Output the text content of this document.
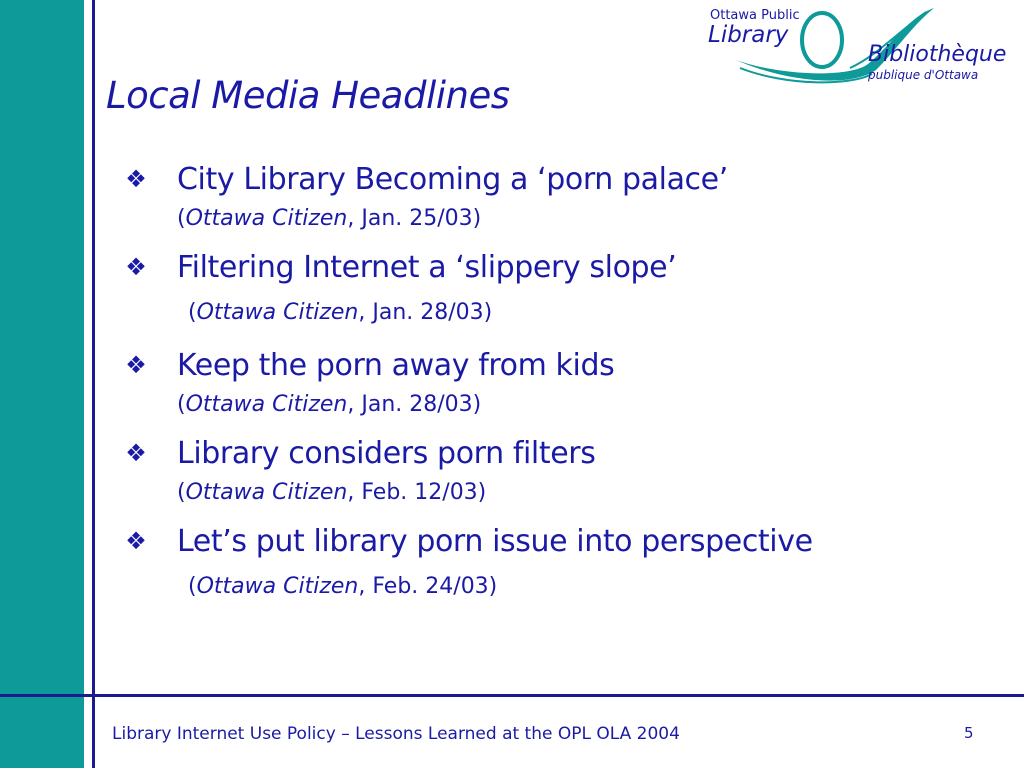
Ottawa Public
Library
Bibliothèque
publique d'Ottawa
Local Media Headlines
❖ City Library Becoming a ‘porn palace’
(Ottawa Citizen, Jan. 25/03)
❖ Filtering Internet a ‘slippery slope’
(Ottawa Citizen, Jan. 28/03)
❖ Keep the porn away from kids
(Ottawa Citizen, Jan. 28/03)
❖ Library considers porn filters
(Ottawa Citizen, Feb. 12/03)
❖ Let’s put library porn issue into perspective
(Ottawa Citizen, Feb. 24/03)
Library Internet Use Policy – Lessons Learned at the OPL OLA 2004	5
